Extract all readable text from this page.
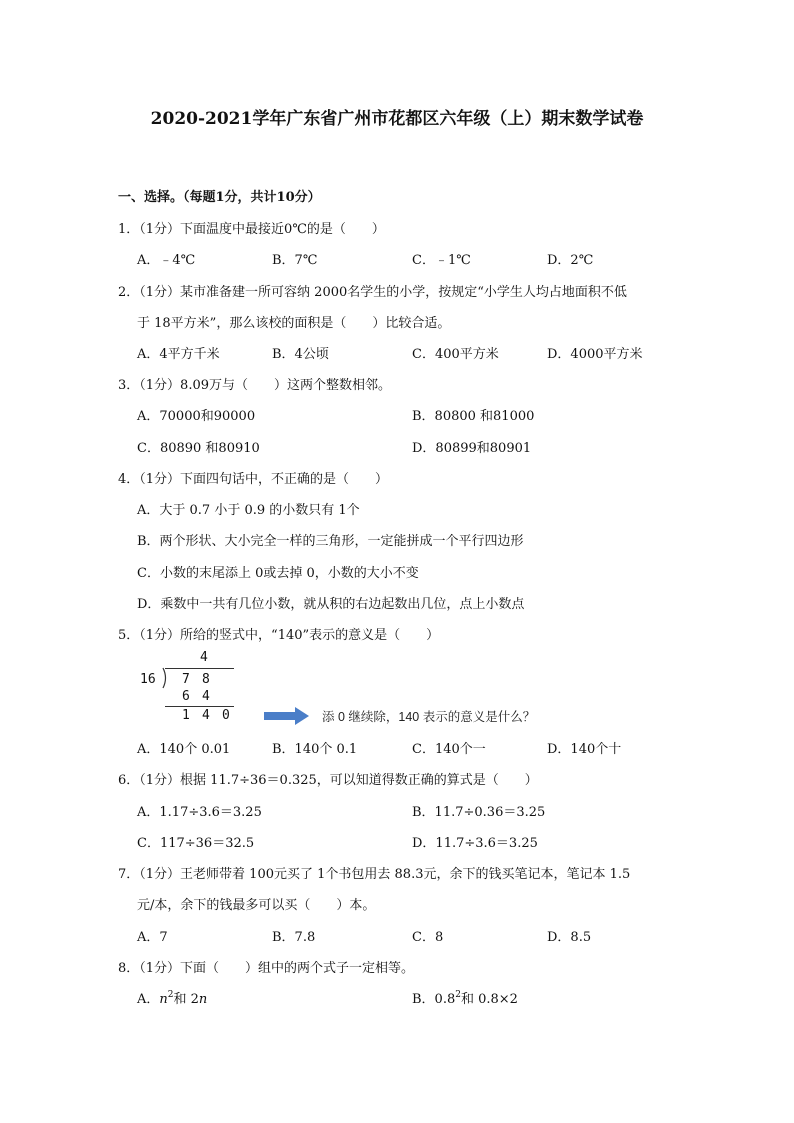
2020-2021学年广东省广州市花都区六年级（上）期末数学试卷
一、选择。（每题1分，共计10分）
1．（1分）下面温度中最接近0℃的是（　　）
A．﹣4℃	B．7℃	C．﹣1℃	D．2℃
2．（1分）某市准备建一所可容纳 2000名学生的小学，按规定“小学生人均占地面积不低
于 18平方米”，那么该校的面积是（　　）比较合适。
A．4平方千米	B．4公顷	C．400平方米	D．4000平方米
3．（1分）8.09万与（　　）这两个整数相邻。
A．70000和90000	B．80800 和81000
C．80890 和80910	D．80899和80901
4．（1分）下面四句话中，不正确的是（　　）
A．大于 0.7 小于 0.9 的小数只有 1个
B．两个形状、大小完全一样的三角形，一定能拼成一个平行四边形
C．小数的末尾添上 0或去掉 0，小数的大小不变
D．乘数中一共有几位小数，就从积的右边起数出几位，点上小数点
5．（1分）所给的竖式中，“140”表示的意义是（　　）
4
16 7 8
6 4
1 4 0	添 0 继续除，140 表示的意义是什么？
A．140个 0.01	B．140个 0.1	C．140个一	D．140个十
6．（1分）根据 11.7÷36＝0.325，可以知道得数正确的算式是（　　）
A．1.17÷3.6＝3.25	B．11.7÷0.36＝3.25
C．117÷36＝32.5	D．11.7÷3.6＝3.25
7．（1分）王老师带着 100元买了 1个书包用去 88.3元，余下的钱买笔记本，笔记本 1.5
元/本，余下的钱最多可以买（　　）本。
A．7	B．7.8	C．8	D．8.5
8．（1分）下面（　　）组中的两个式子一定相等。
A．$n^2$和 2n	B．$0.8^2$和 0.8×2
